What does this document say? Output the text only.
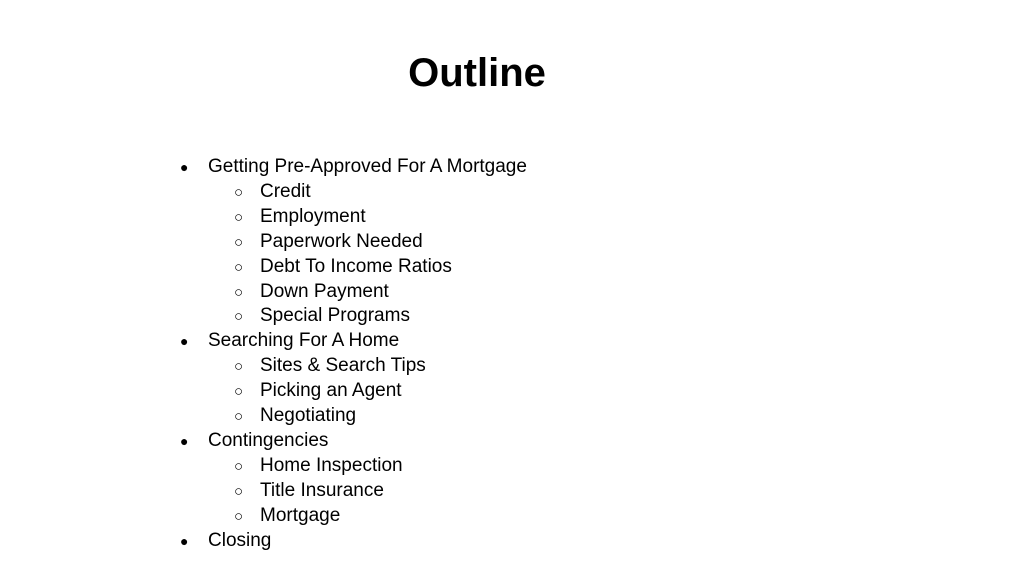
Outline
●	Getting Pre-Approved For A Mortgage
○ Credit
○ Employment
○ Paperwork Needed
○ Debt To Income Ratios
○ Down Payment
○ Special Programs
●	Searching For A Home
○ Sites & Search Tips
○ Picking an Agent
○ Negotiating
●	Contingencies
○ Home Inspection
○ Title Insurance
○ Mortgage
●	Closing
